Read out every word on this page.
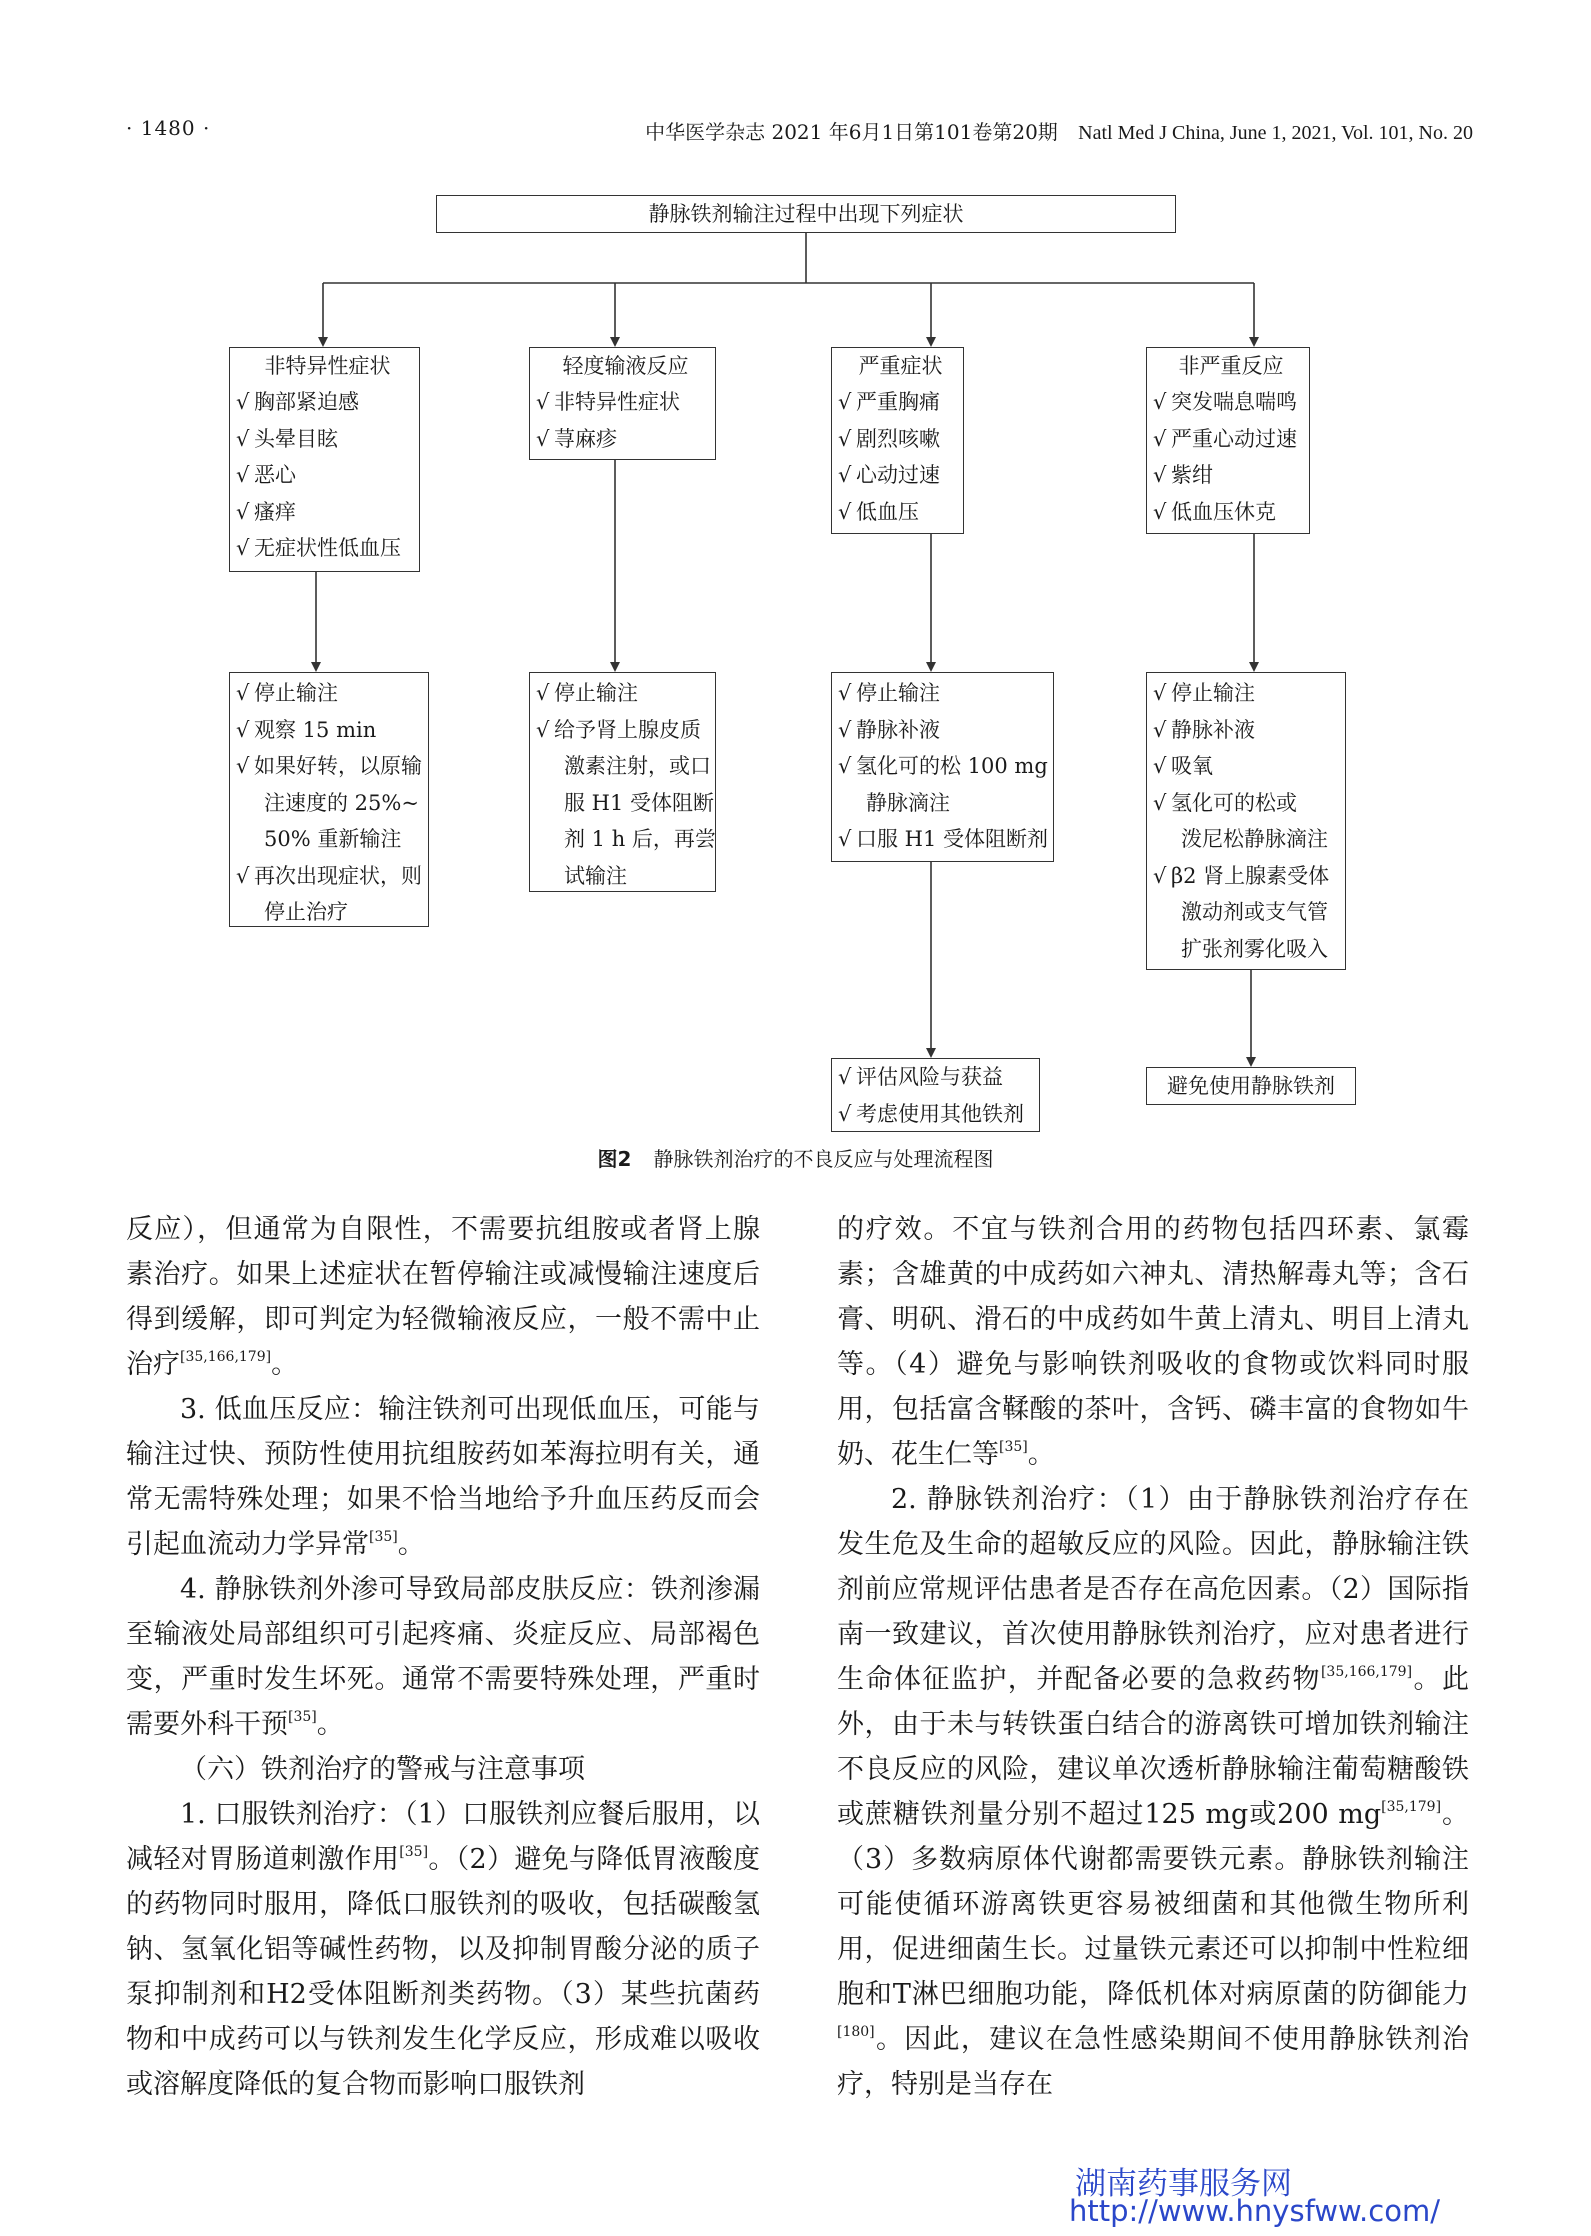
· 1480 ·	中华医学杂志 2021 年6月1日第101卷第20期 Natl Med J China, June 1, 2021, Vol. 101, No. 20
静脉铁剂输注过程中出现下列症状
非特异性症状
√ 胸部紧迫感
√ 头晕目眩
√ 恶心
√ 瘙痒
√ 无症状性低血压
√ 停止输注
√ 观察 15 min
√ 如果好转，以原输
注速度的 25%~
50% 重新输注
√ 再次出现症状，则
停止治疗
轻度输液反应
√ 非特异性症状
√ 荨麻疹
√ 停止输注
√ 给予肾上腺皮质
激素注射，或口
服 H1 受体阻断
剂 1 h 后，再尝
试输注
严重症状
√ 严重胸痛
√ 剧烈咳嗽
√ 心动过速
√ 低血压
√ 停止输注
√ 静脉补液
√ 氢化可的松 100 mg
静脉滴注
√ 口服 H1 受体阻断剂
√ 评估风险与获益
√ 考虑使用其他铁剂
非严重反应
√ 突发喘息喘鸣
√ 严重心动过速
√ 紫绀
√ 低血压休克
√ 停止输注
√ 静脉补液
√ 吸氧
√ 氢化可的松或
泼尼松静脉滴注
√ β2 肾上腺素受体
激动剂或支气管
扩张剂雾化吸入
避免使用静脉铁剂
图2 静脉铁剂治疗的不良反应与处理流程图

反应），但通常为自限性，不需要抗组胺或者肾上腺素治疗。如果上述症状在暂停输注或减慢输注速度后得到缓解，即可判定为轻微输液反应，一般不需中止治疗[35,166,179]。

3. 低血压反应：输注铁剂可出现低血压，可能与输注过快、预防性使用抗组胺药如苯海拉明有关，通常无需特殊处理；如果不恰当地给予升血压药反而会引起血流动力学异常[35]。

4. 静脉铁剂外渗可导致局部皮肤反应：铁剂渗漏至输液处局部组织可引起疼痛、炎症反应、局部褐色变，严重时发生坏死。通常不需要特殊处理，严重时需要外科干预[35]。

（六）铁剂治疗的警戒与注意事项

1. 口服铁剂治疗：（1）口服铁剂应餐后服用，以减轻对胃肠道刺激作用[35]。（2）避免与降低胃液酸度的药物同时服用，降低口服铁剂的吸收，包括碳酸氢钠、氢氧化铝等碱性药物，以及抑制胃酸分泌的质子泵抑制剂和H2受体阻断剂类药物。（3）某些抗菌药物和中成药可以与铁剂发生化学反应，形成难以吸收或溶解度降低的复合物而影响口服铁剂

的疗效。不宜与铁剂合用的药物包括四环素、氯霉素；含雄黄的中成药如六神丸、清热解毒丸等；含石膏、明矾、滑石的中成药如牛黄上清丸、明目上清丸等。（4）避免与影响铁剂吸收的食物或饮料同时服用，包括富含鞣酸的茶叶，含钙、磷丰富的食物如牛奶、花生仁等[35]。

2. 静脉铁剂治疗：（1）由于静脉铁剂治疗存在发生危及生命的超敏反应的风险。因此，静脉输注铁剂前应常规评估患者是否存在高危因素。（2）国际指南一致建议，首次使用静脉铁剂治疗，应对患者进行生命体征监护，并配备必要的急救药物[35,166,179]。此外，由于未与转铁蛋白结合的游离铁可增加铁剂输注不良反应的风险，建议单次透析静脉输注葡萄糖酸铁或蔗糖铁剂量分别不超过125 mg或200 mg[35,179]。（3）多数病原体代谢都需要铁元素。静脉铁剂输注可能使循环游离铁更容易被细菌和其他微生物所利用，促进细菌生长。过量铁元素还可以抑制中性粒细胞和T淋巴细胞功能，降低机体对病原菌的防御能力[180]。因此，建议在急性感染期间不使用静脉铁剂治疗，特别是当存在

湖南药事服务网
http://www.hnysfww.com/
